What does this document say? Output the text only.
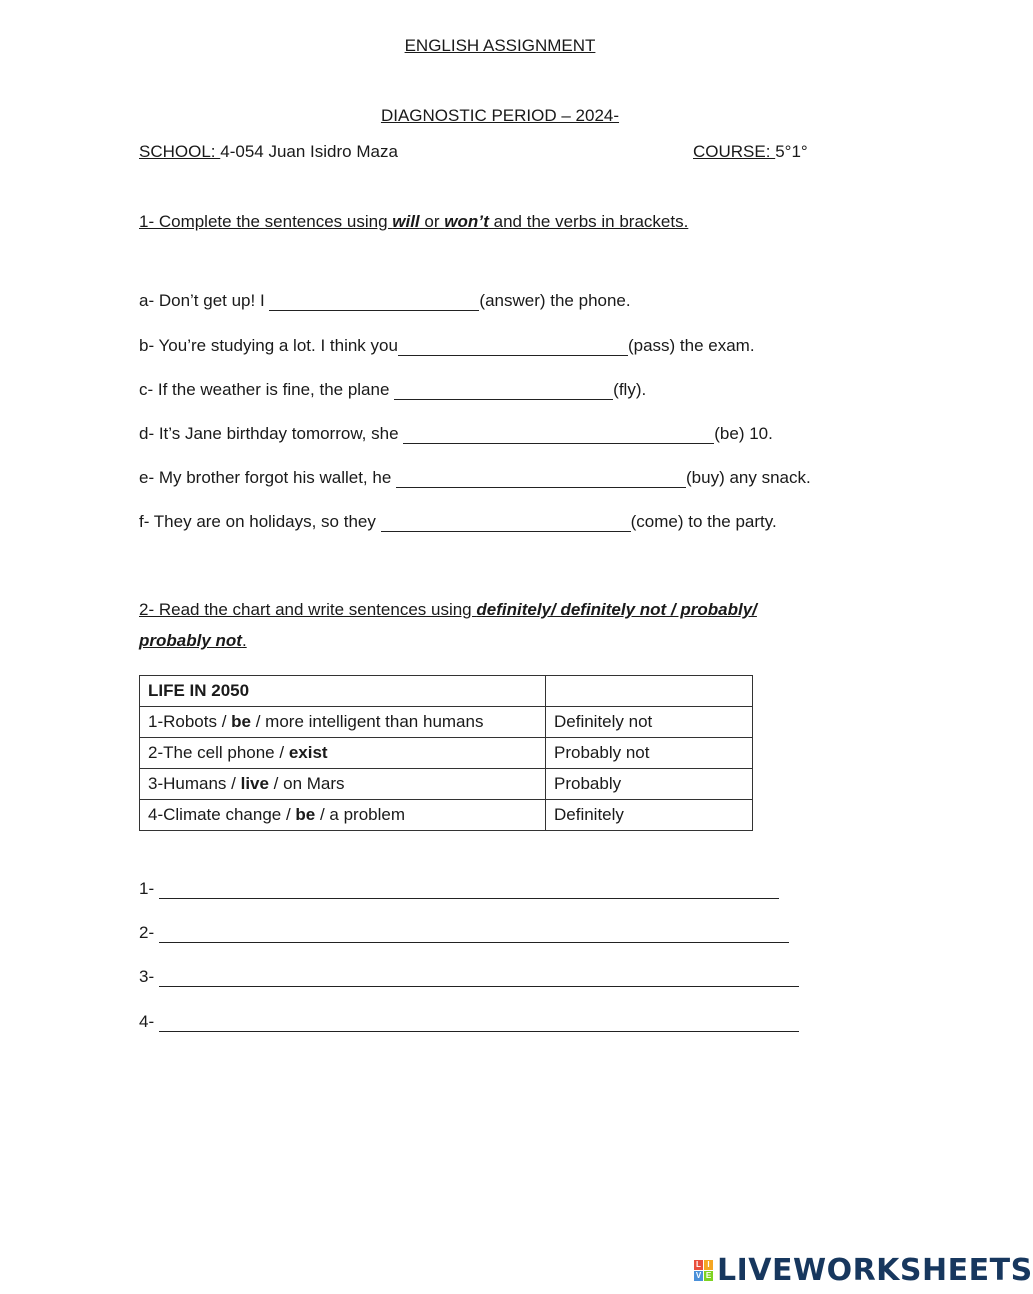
ENGLISH ASSIGNMENT
DIAGNOSTIC PERIOD – 2024-
SCHOOL: 4-054 Juan Isidro Maza	COURSE: 5°1°
1- Complete the sentences using will or won’t and the verbs in brackets.
a- Don’t get up! I	(answer) the phone.
b- You’re studying a lot. I think you	(pass) the exam.
c- If the weather is fine, the plane	(fly).
d- It’s Jane birthday tomorrow, she	(be) 10.
e- My brother forgot his wallet, he	(buy) any snack.
f- They are on holidays, so they	(come) to the party.
2- Read the chart and write sentences using definitely/ definitely not / probably/
probably not.
LIFE IN 2050	
1-Robots / be / more intelligent than humans	Definitely not
2-The cell phone / exist	Probably not
3-Humans / live / on Mars	Probably
4-Climate change / be / a problem	Definitely
1-
2-
3-
4-
L I
V E LIVEWORKSHEETS
